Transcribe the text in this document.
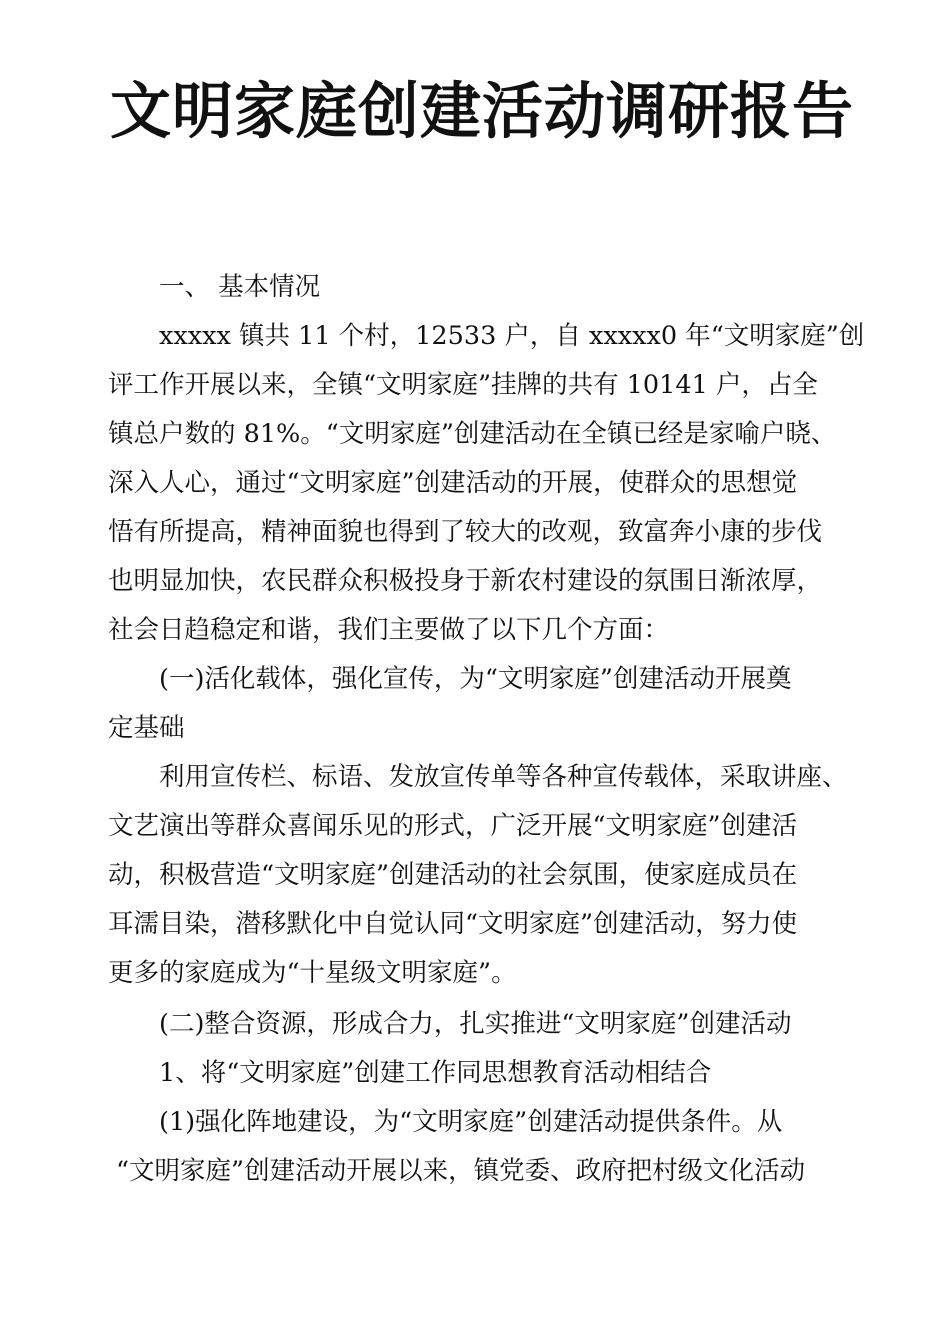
文明家庭创建活动调研报告
一、 基本情况
xxxxx 镇共 11 个村，12533 户，自 xxxxx0 年“文明家庭”创
评工作开展以来，全镇“文明家庭”挂牌的共有 10141 户，占全
镇总户数的 81%。“文明家庭”创建活动在全镇已经是家喻户晓、
深入人心，通过“文明家庭”创建活动的开展，使群众的思想觉
悟有所提高，精神面貌也得到了较大的改观，致富奔小康的步伐
也明显加快，农民群众积极投身于新农村建设的氛围日渐浓厚，
社会日趋稳定和谐，我们主要做了以下几个方面：
(一)活化载体，强化宣传，为“文明家庭”创建活动开展奠
定基础
利用宣传栏、标语、发放宣传单等各种宣传载体，采取讲座、
文艺演出等群众喜闻乐见的形式，广泛开展“文明家庭”创建活
动，积极营造“文明家庭”创建活动的社会氛围，使家庭成员在
耳濡目染，潜移默化中自觉认同“文明家庭”创建活动，努力使
更多的家庭成为“十星级文明家庭”。
(二)整合资源，形成合力，扎实推进“文明家庭”创建活动
1、将“文明家庭”创建工作同思想教育活动相结合
(1)强化阵地建设，为“文明家庭”创建活动提供条件。从
“文明家庭”创建活动开展以来，镇党委、政府把村级文化活动
